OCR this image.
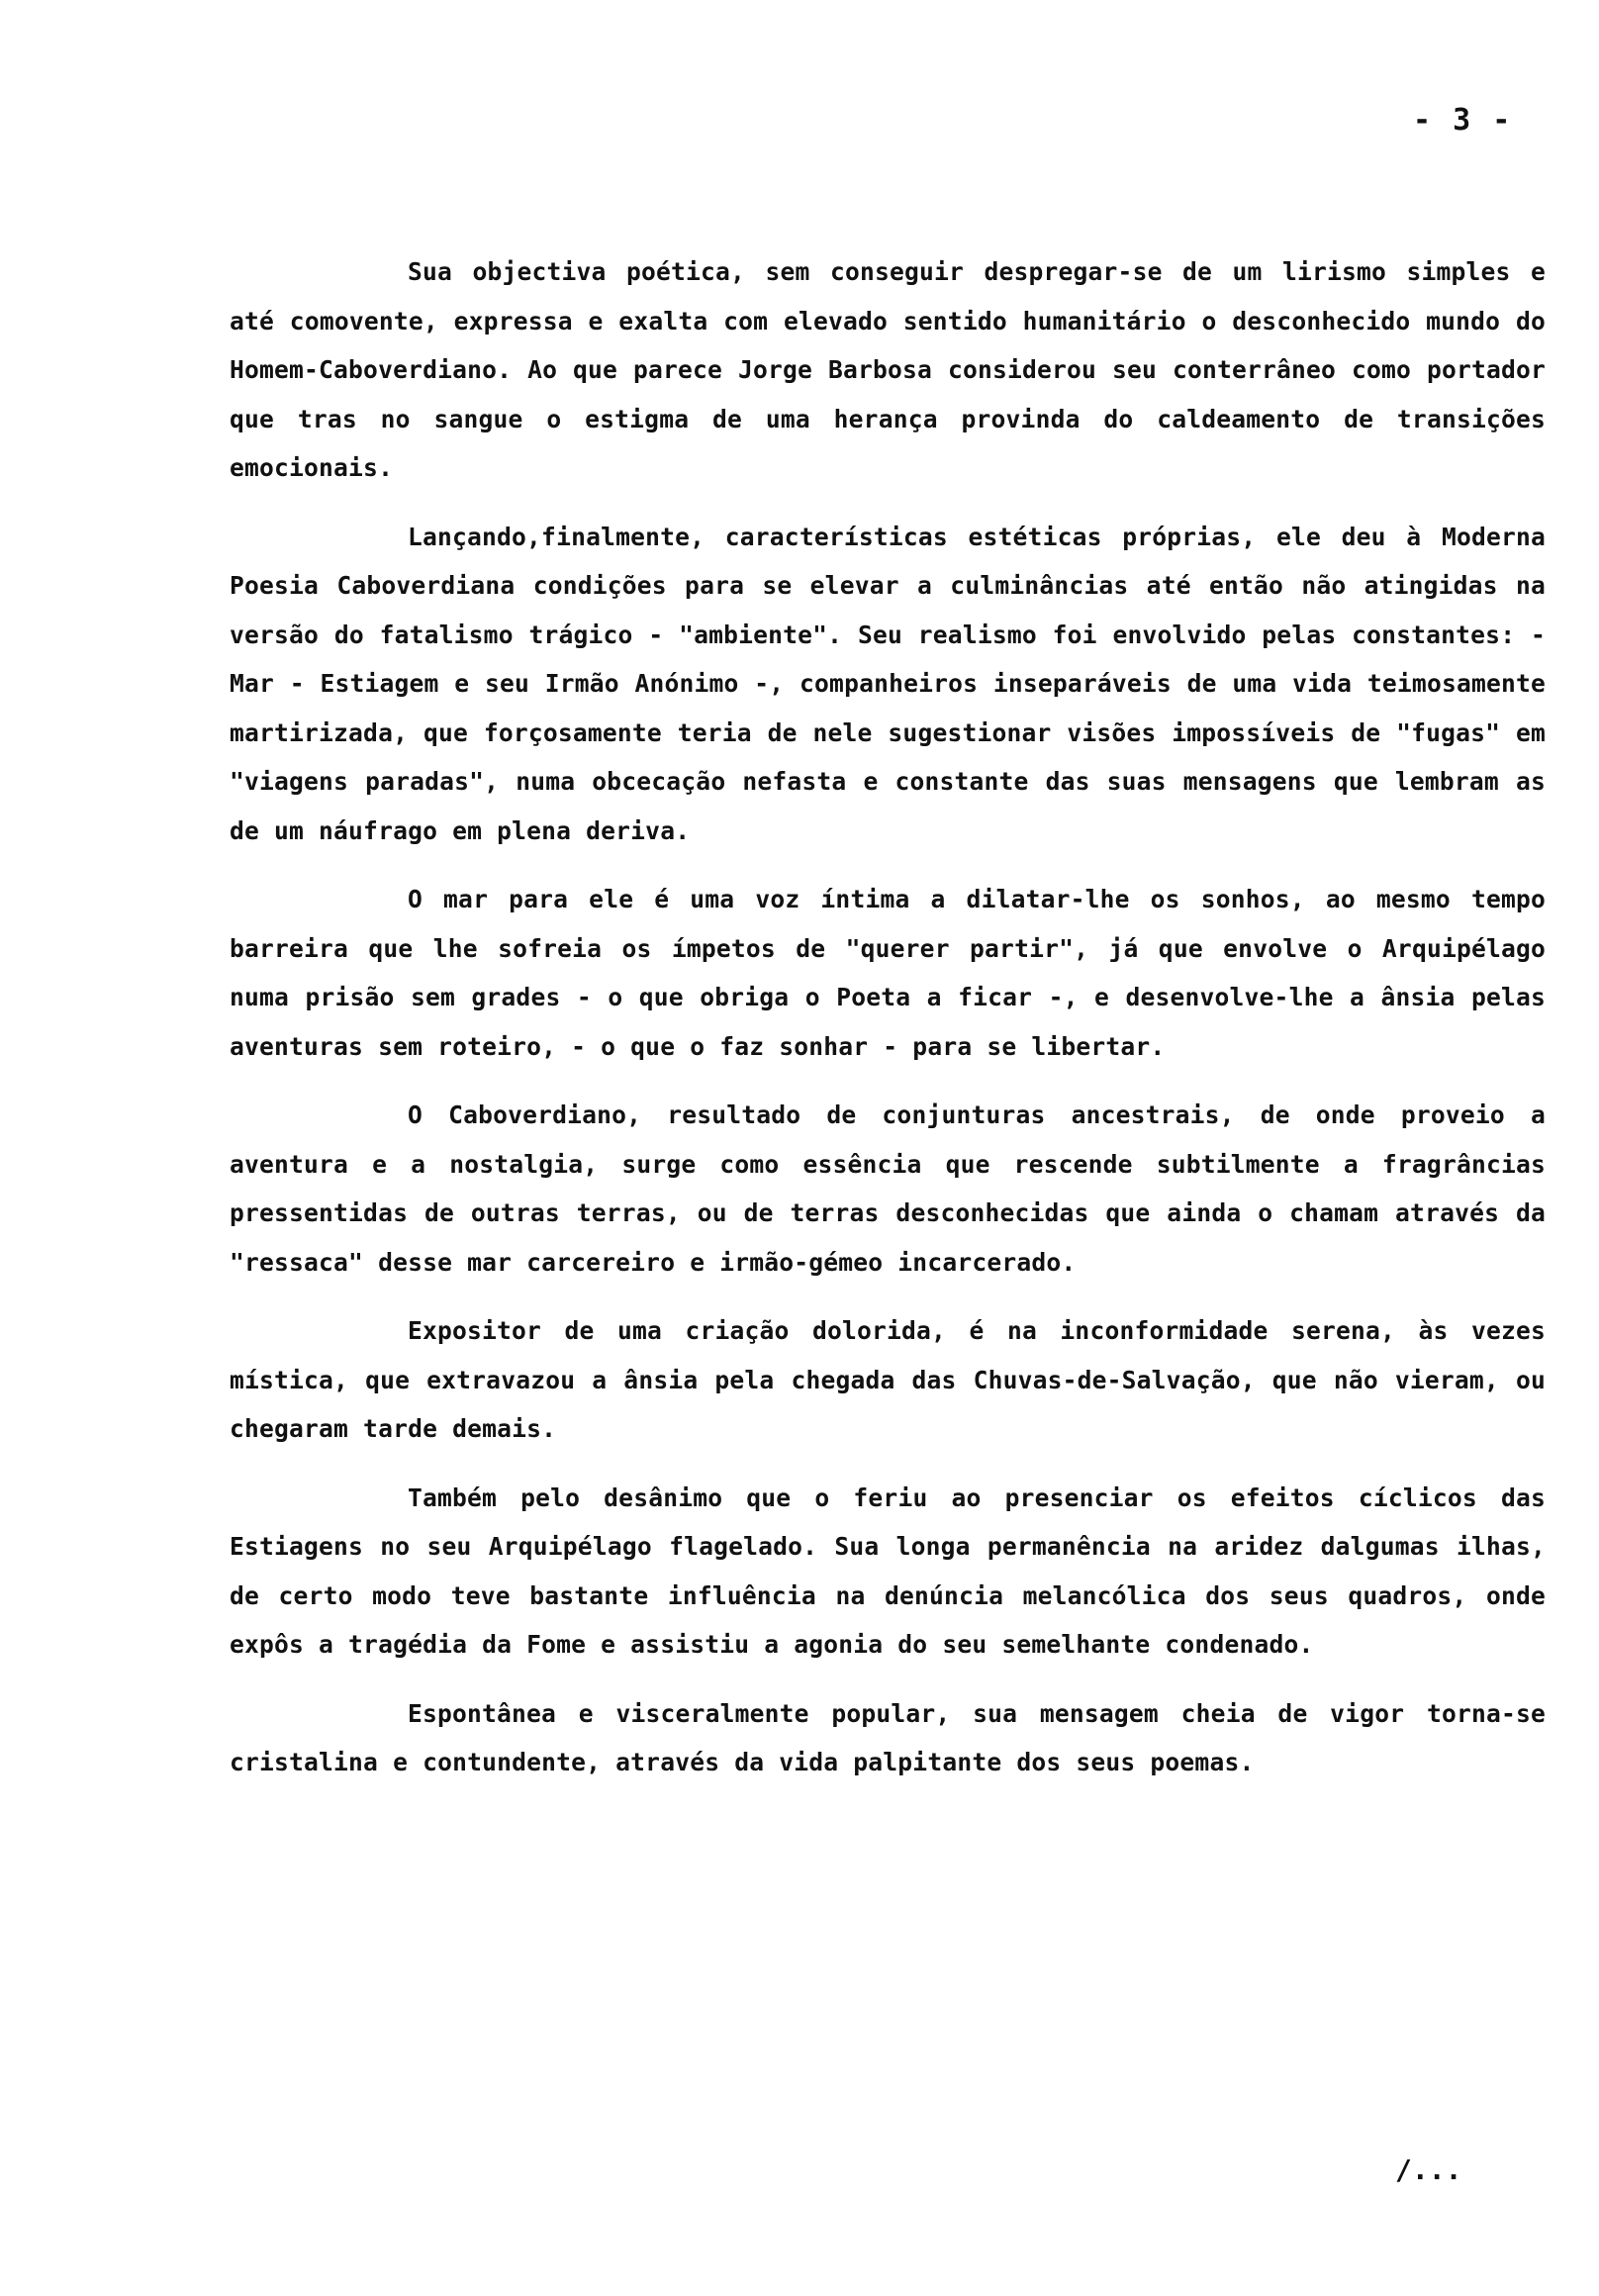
- 3 -

Sua objectiva poética, sem conseguir despregar-se de um lirismo simples e até comovente, expressa e exalta com elevado sentido humanitário o desconhecido mundo do Homem-Caboverdiano. Ao que parece Jorge Barbosa considerou seu conterrâneo como portador que tras no sangue o estigma de uma herança provinda do caldeamento de transições emocionais.

Lançando,finalmente, características estéticas próprias, ele deu à Moderna Poesia Caboverdiana condições para se elevar a culminâncias até então não atingidas na versão do fatalismo trágico - "ambiente". Seu realismo foi envolvido pelas constantes: - Mar - Estiagem e seu Irmão Anónimo -, companheiros inseparáveis de uma vida teimosamente martirizada, que forçosamente teria de nele sugestionar visões impossíveis de "fugas" em "viagens paradas", numa obcecação nefasta e constante das suas mensagens que lembram as de um náufrago em plena deriva.

O mar para ele é uma voz íntima a dilatar-lhe os sonhos, ao mesmo tempo barreira que lhe sofreia os ímpetos de "querer partir", já que envolve o Arquipélago numa prisão sem grades - o que obriga o Poeta a ficar -, e desenvolve-lhe a ânsia pelas aventuras sem roteiro, - o que o faz sonhar - para se libertar.

O Caboverdiano, resultado de conjunturas ancestrais, de onde proveio a aventura e a nostalgia, surge como essência que rescende subtilmente a fragrâncias pressentidas de outras terras, ou de terras desconhecidas que ainda o chamam através da "ressaca" desse mar carcereiro e irmão-gémeo incarcerado.

Expositor de uma criação dolorida, é na inconformidade serena, às vezes mística, que extravazou a ânsia pela chegada das Chuvas-de-Salvação, que não vieram, ou chegaram tarde demais.

Também pelo desânimo que o feriu ao presenciar os efeitos cíclicos das Estiagens no seu Arquipélago flagelado. Sua longa permanência na aridez dalgumas ilhas, de certo modo teve bastante influência na denúncia melancólica dos seus quadros, onde expôs a tragédia da Fome e assistiu a agonia do seu semelhante condenado.

Espontânea e visceralmente popular, sua mensagem cheia de vigor torna-se cristalina e contundente, através da vida palpitante dos seus poemas.

/...
